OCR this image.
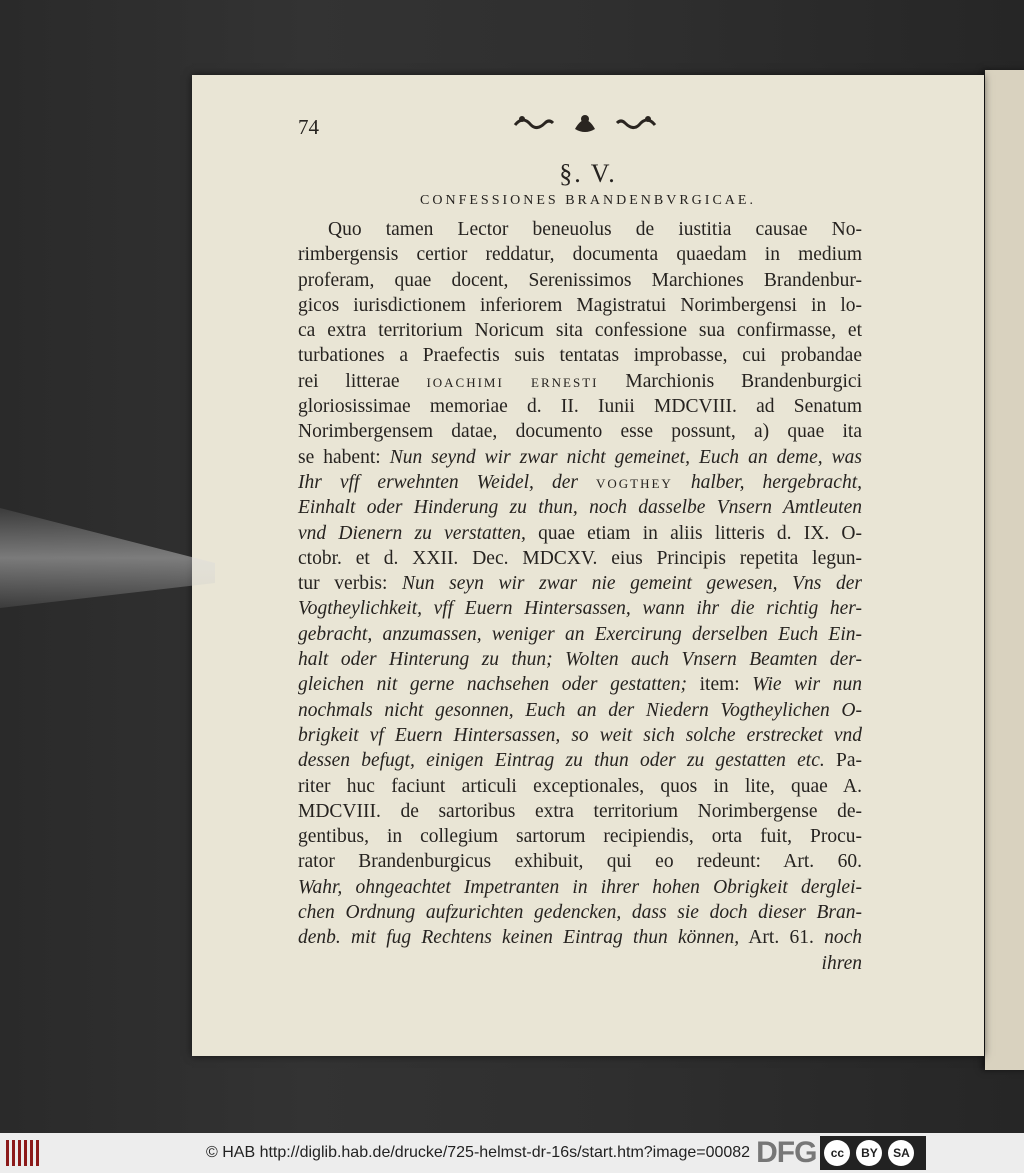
74
§. V.
CONFESSIONES BRANDENBVRGICAE.
Quo tamen Lector beneuolus de iustitia causae No-
rimbergensis certior reddatur, documenta quaedam in medium
proferam, quae docent, Serenissimos Marchiones Brandenbur-
gicos iurisdictionem inferiorem Magistratui Norimbergensi in lo-
ca extra territorium Noricum sita confessione sua confirmasse, et
turbationes a Praefectis suis tentatas improbasse, cui probandae
rei litterae IOACHIMI ERNESTI Marchionis Brandenburgici
gloriosissimae memoriae d. II. Iunii MDCVIII. ad Senatum
Norimbergensem datae, documento esse possunt, a) quae ita
se habent: Nun seynd wir zwar nicht gemeinet, Euch an deme, was
Ihr vff erwehnten Weidel, der VOGTHEY halber, hergebracht,
Einhalt oder Hinderung zu thun, noch dasselbe Vnsern Amtleuten
vnd Dienern zu verstatten, quae etiam in aliis litteris d. IX. O-
ctobr. et d. XXII. Dec. MDCXV. eius Principis repetita legun-
tur verbis: Nun seyn wir zwar nie gemeint gewesen, Vns der
Vogtheylichkeit, vff Euern Hintersassen, wann ihr die richtig her-
gebracht, anzumassen, weniger an Exercirung derselben Euch Ein-
halt oder Hinterung zu thun; Wolten auch Vnsern Beamten der-
gleichen nit gerne nachsehen oder gestatten; item: Wie wir nun
nochmals nicht gesonnen, Euch an der Niedern Vogtheylichen O-
brigkeit vf Euern Hintersassen, so weit sich solche erstrecket vnd
dessen befugt, einigen Eintrag zu thun oder zu gestatten etc. Pa-
riter huc faciunt articuli exceptionales, quos in lite, quae A.
MDCVIII. de sartoribus extra territorium Norimbergense de-
gentibus, in collegium sartorum recipiendis, orta fuit, Procu-
rator Brandenburgicus exhibuit, qui eo redeunt: Art. 60.
Wahr, ohngeachtet Impetranten in ihrer hohen Obrigkeit derglei-
chen Ordnung aufzurichten gedencken, dass sie doch dieser Bran-
denb. mit fug Rechtens keinen Eintrag thun können, Art. 61. noch
ihren
© HAB http://diglib.hab.de/drucke/725-helmst-dr-16s/start.htm?image=00082 DFG	cc	BY	SA
